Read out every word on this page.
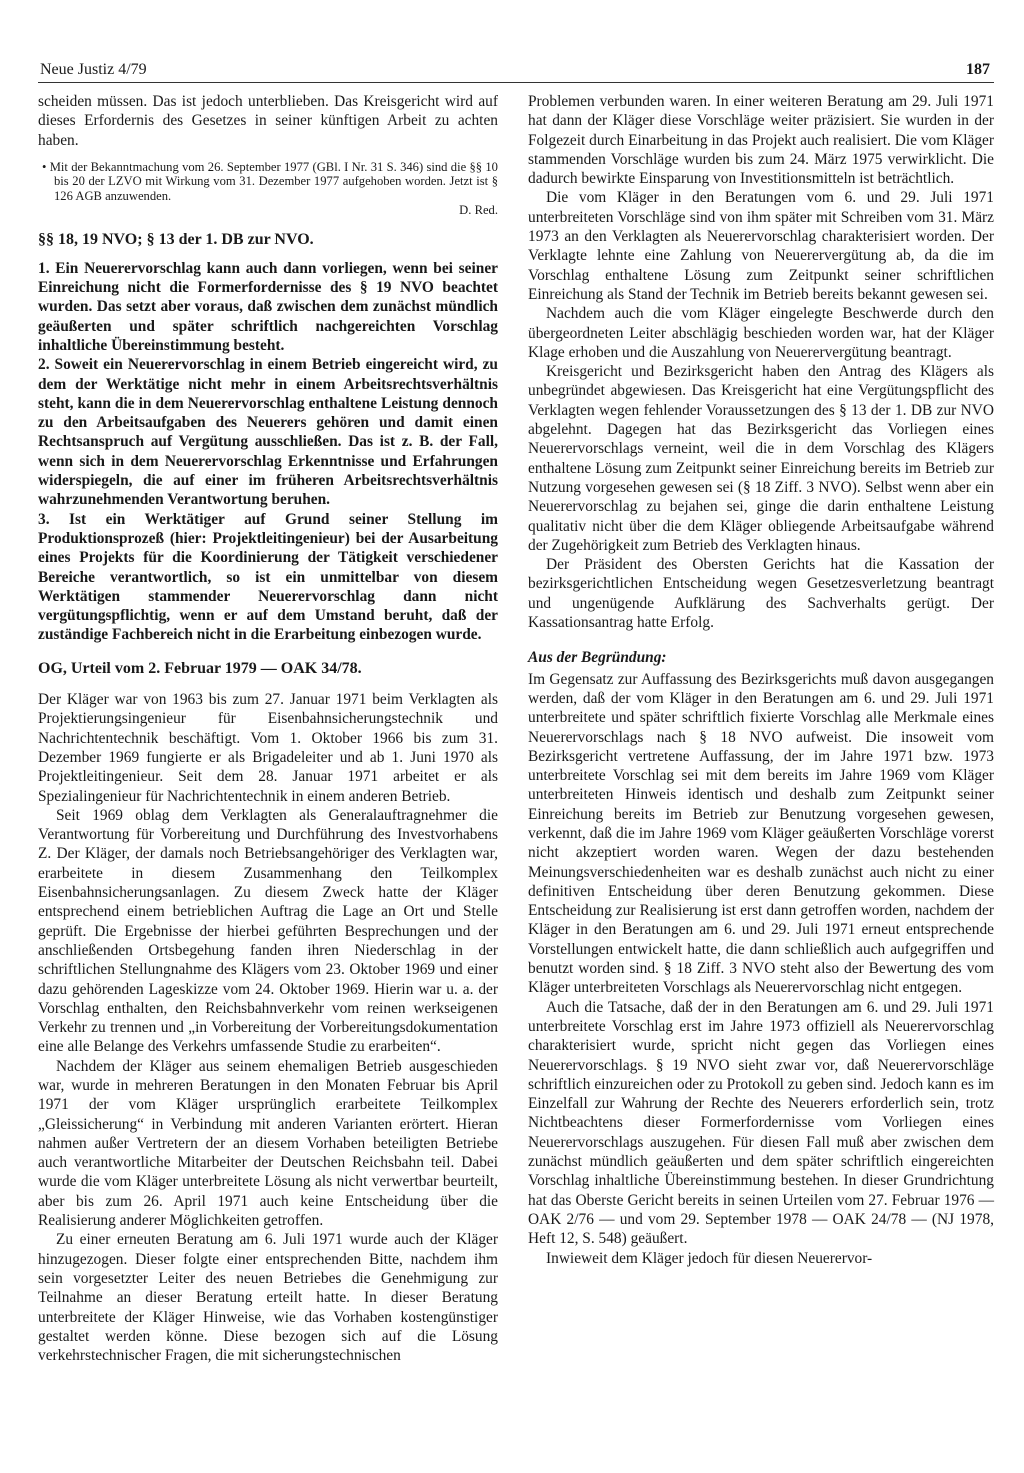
Neue Justiz 4/79	187

scheiden müssen. Das ist jedoch unterblieben. Das Kreisgericht wird auf dieses Erfordernis des Gesetzes in seiner künftigen Arbeit zu achten haben.

• Mit der Bekanntmachung vom 26. September 1977 (GBl. I Nr. 31 S. 346) sind die §§ 10 bis 20 der LZVO mit Wirkung vom 31. Dezember 1977 aufgehoben worden. Jetzt ist § 126 AGB anzuwenden.
D. Red.
§§ 18, 19 NVO; § 13 der 1. DB zur NVO.

1. Ein Neuerervorschlag kann auch dann vorliegen, wenn bei seiner Einreichung nicht die Formerfordernisse des § 19 NVO beachtet wurden. Das setzt aber voraus, daß zwischen dem zunächst mündlich geäußerten und später schriftlich nachgereichten Vorschlag inhaltliche Übereinstimmung besteht.

2. Soweit ein Neuerervorschlag in einem Betrieb eingereicht wird, zu dem der Werktätige nicht mehr in einem Arbeitsrechtsverhältnis steht, kann die in dem Neuerervorschlag enthaltene Leistung dennoch zu den Arbeitsaufgaben des Neuerers gehören und damit einen Rechtsanspruch auf Vergütung ausschließen. Das ist z. B. der Fall, wenn sich in dem Neuerervorschlag Erkenntnisse und Erfahrungen widerspiegeln, die auf einer im früheren Arbeitsrechtsverhältnis wahrzunehmenden Verantwortung beruhen.

3. Ist ein Werktätiger auf Grund seiner Stellung im Produktionsprozeß (hier: Projektleitingenieur) bei der Ausarbeitung eines Projekts für die Koordinierung der Tätigkeit verschiedener Bereiche verantwortlich, so ist ein unmittelbar von diesem Werktätigen stammender Neuerervorschlag dann nicht vergütungspflichtig, wenn er auf dem Umstand beruht, daß der zuständige Fachbereich nicht in die Erarbeitung einbezogen wurde.

OG, Urteil vom 2. Februar 1979 — OAK 34/78.

Der Kläger war von 1963 bis zum 27. Januar 1971 beim Verklagten als Projektierungsingenieur für Eisenbahnsicherungstechnik und Nachrichtentechnik beschäftigt. Vom 1. Oktober 1966 bis zum 31. Dezember 1969 fungierte er als Brigadeleiter und ab 1. Juni 1970 als Projektleitingenieur. Seit dem 28. Januar 1971 arbeitet er als Spezialingenieur für Nachrichtentechnik in einem anderen Betrieb.

Seit 1969 oblag dem Verklagten als Generalauftragnehmer die Verantwortung für Vorbereitung und Durchführung des Investvorhabens Z. Der Kläger, der damals noch Betriebsangehöriger des Verklagten war, erarbeitete in diesem Zusammenhang den Teilkomplex Eisenbahnsicherungsanlagen. Zu diesem Zweck hatte der Kläger entsprechend einem betrieblichen Auftrag die Lage an Ort und Stelle geprüft. Die Ergebnisse der hierbei geführten Besprechungen und der anschließenden Ortsbegehung fanden ihren Niederschlag in der schriftlichen Stellungnahme des Klägers vom 23. Oktober 1969 und einer dazu gehörenden Lageskizze vom 24. Oktober 1969. Hierin war u. a. der Vorschlag enthalten, den Reichsbahnverkehr vom reinen werkseigenen Verkehr zu trennen und „in Vorbereitung der Vorbereitungsdokumentation eine alle Belange des Verkehrs umfassende Studie zu erarbeiten“.

Nachdem der Kläger aus seinem ehemaligen Betrieb ausgeschieden war, wurde in mehreren Beratungen in den Monaten Februar bis April 1971 der vom Kläger ursprünglich erarbeitete Teilkomplex „Gleissicherung“ in Verbindung mit anderen Varianten erörtert. Hieran nahmen außer Vertretern der an diesem Vorhaben beteiligten Betriebe auch verantwortliche Mitarbeiter der Deutschen Reichsbahn teil. Dabei wurde die vom Kläger unterbreitete Lösung als nicht verwertbar beurteilt, aber bis zum 26. April 1971 auch keine Entscheidung über die Realisierung anderer Möglichkeiten getroffen.

Zu einer erneuten Beratung am 6. Juli 1971 wurde auch der Kläger hinzugezogen. Dieser folgte einer entsprechenden Bitte, nachdem ihm sein vorgesetzter Leiter des neuen Betriebes die Genehmigung zur Teilnahme an dieser Beratung erteilt hatte. In dieser Beratung unterbreitete der Kläger Hinweise, wie das Vorhaben kostengünstiger gestaltet werden könne. Diese bezogen sich auf die Lösung verkehrstechnischer Fragen, die mit sicherungstechnischen

Problemen verbunden waren. In einer weiteren Beratung am 29. Juli 1971 hat dann der Kläger diese Vorschläge weiter präzisiert. Sie wurden in der Folgezeit durch Einarbeitung in das Projekt auch realisiert. Die vom Kläger stammenden Vorschläge wurden bis zum 24. März 1975 verwirklicht. Die dadurch bewirkte Einsparung von Investitionsmitteln ist beträchtlich.

Die vom Kläger in den Beratungen vom 6. und 29. Juli 1971 unterbreiteten Vorschläge sind von ihm später mit Schreiben vom 31. März 1973 an den Verklagten als Neuerervorschlag charakterisiert worden. Der Verklagte lehnte eine Zahlung von Neuerervergütung ab, da die im Vorschlag enthaltene Lösung zum Zeitpunkt seiner schriftlichen Einreichung als Stand der Technik im Betrieb bereits bekannt gewesen sei.

Nachdem auch die vom Kläger eingelegte Beschwerde durch den übergeordneten Leiter abschlägig beschieden worden war, hat der Kläger Klage erhoben und die Auszahlung von Neuerervergütung beantragt.

Kreisgericht und Bezirksgericht haben den Antrag des Klägers als unbegründet abgewiesen. Das Kreisgericht hat eine Vergütungspflicht des Verklagten wegen fehlender Voraussetzungen des § 13 der 1. DB zur NVO abgelehnt. Dagegen hat das Bezirksgericht das Vorliegen eines Neuerervorschlags verneint, weil die in dem Vorschlag des Klägers enthaltene Lösung zum Zeitpunkt seiner Einreichung bereits im Betrieb zur Nutzung vorgesehen gewesen sei (§ 18 Ziff. 3 NVO). Selbst wenn aber ein Neuerervorschlag zu bejahen sei, ginge die darin enthaltene Leistung qualitativ nicht über die dem Kläger obliegende Arbeitsaufgabe während der Zugehörigkeit zum Betrieb des Verklagten hinaus.

Der Präsident des Obersten Gerichts hat die Kassation der bezirksgerichtlichen Entscheidung wegen Gesetzesverletzung beantragt und ungenügende Aufklärung des Sachverhalts gerügt. Der Kassationsantrag hatte Erfolg.

Aus der Begründung:

Im Gegensatz zur Auffassung des Bezirksgerichts muß davon ausgegangen werden, daß der vom Kläger in den Beratungen am 6. und 29. Juli 1971 unterbreitete und später schriftlich fixierte Vorschlag alle Merkmale eines Neuerervorschlags nach § 18 NVO aufweist. Die insoweit vom Bezirksgericht vertretene Auffassung, der im Jahre 1971 bzw. 1973 unterbreitete Vorschlag sei mit dem bereits im Jahre 1969 vom Kläger unterbreiteten Hinweis identisch und deshalb zum Zeitpunkt seiner Einreichung bereits im Betrieb zur Benutzung vorgesehen gewesen, verkennt, daß die im Jahre 1969 vom Kläger geäußerten Vorschläge vorerst nicht akzeptiert worden waren. Wegen der dazu bestehenden Meinungsverschiedenheiten war es deshalb zunächst auch nicht zu einer definitiven Entscheidung über deren Benutzung gekommen. Diese Entscheidung zur Realisierung ist erst dann getroffen worden, nachdem der Kläger in den Beratungen am 6. und 29. Juli 1971 erneut entsprechende Vorstellungen entwickelt hatte, die dann schließlich auch aufgegriffen und benutzt worden sind. § 18 Ziff. 3 NVO steht also der Bewertung des vom Kläger unterbreiteten Vorschlags als Neuerervorschlag nicht entgegen.

Auch die Tatsache, daß der in den Beratungen am 6. und 29. Juli 1971 unterbreitete Vorschlag erst im Jahre 1973 offiziell als Neuerervorschlag charakterisiert wurde, spricht nicht gegen das Vorliegen eines Neuerervorschlags. § 19 NVO sieht zwar vor, daß Neuerervorschläge schriftlich einzureichen oder zu Protokoll zu geben sind. Jedoch kann es im Einzelfall zur Wahrung der Rechte des Neuerers erforderlich sein, trotz Nichtbeachtens dieser Formerfordernisse vom Vorliegen eines Neuerervorschlags auszugehen. Für diesen Fall muß aber zwischen dem zunächst mündlich geäußerten und dem später schriftlich eingereichten Vorschlag inhaltliche Übereinstimmung bestehen. In dieser Grundrichtung hat das Oberste Gericht bereits in seinen Urteilen vom 27. Februar 1976 — OAK 2/76 — und vom 29. September 1978 — OAK 24/78 — (NJ 1978, Heft 12, S. 548) geäußert.

Inwieweit dem Kläger jedoch für diesen Neuerervor-
